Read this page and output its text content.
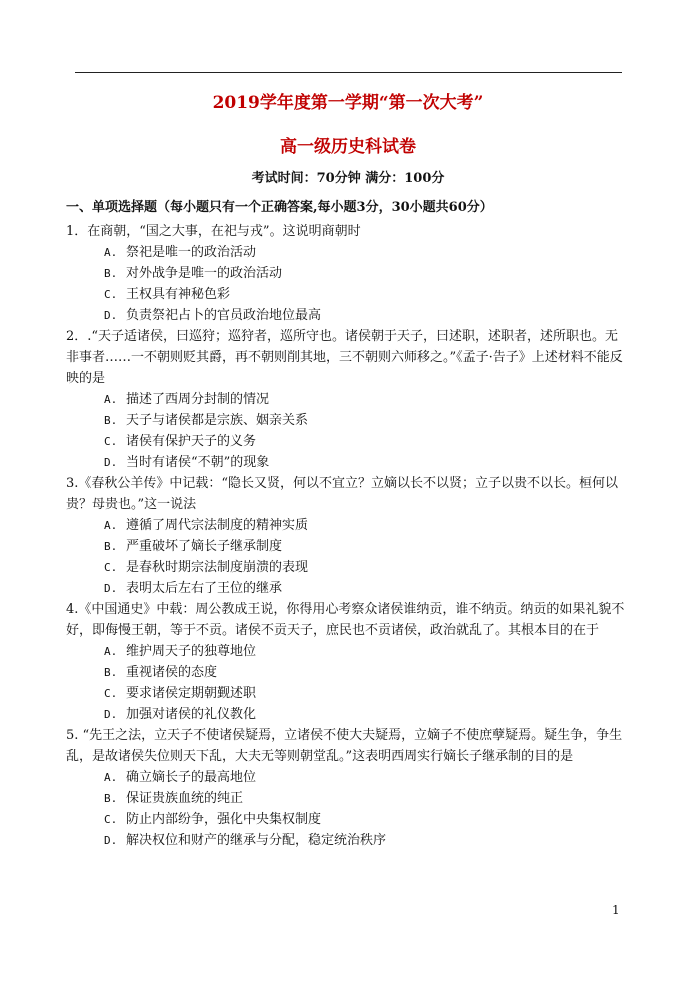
2019学年度第一学期“第一次大考”
高一级历史科试卷
考试时间：70分钟 满分：100分
一、单项选择题（每小题只有一个正确答案,每小题3分，30小题共60分）

1．在商朝，“国之大事，在祀与戎”。这说明商朝时

A. 祭祀是唯一的政治活动
B. 对外战争是唯一的政治活动
C. 王权具有神秘色彩
D. 负责祭祀占卜的官员政治地位最高

2．.“天子适诸侯，曰巡狩；巡狩者，巡所守也。诸侯朝于天子，曰述职，述职者，述所职也。无非事者……一不朝则贬其爵，再不朝则削其地，三不朝则六师移之。”《孟子·告子》上述材料不能反映的是

A. 描述了西周分封制的情况
B. 天子与诸侯都是宗族、姻亲关系
C. 诸侯有保护天子的义务
D. 当时有诸侯“不朝”的现象

3.《春秋公羊传》中记载：“隐长又贤，何以不宜立？立嫡以长不以贤；立子以贵不以长。桓何以贵？母贵也。”这一说法

A. 遵循了周代宗法制度的精神实质
B. 严重破坏了嫡长子继承制度
C. 是春秋时期宗法制度崩溃的表现
D. 表明太后左右了王位的继承

4.《中国通史》中载：周公教成王说，你得用心考察众诸侯谁纳贡，谁不纳贡。纳贡的如果礼貌不好，即侮慢王朝，等于不贡。诸侯不贡天子，庶民也不贡诸侯，政治就乱了。其根本目的在于

A. 维护周天子的独尊地位
B. 重视诸侯的态度
C. 要求诸侯定期朝觐述职
D. 加强对诸侯的礼仪教化

5. “先王之法，立天子不使诸侯疑焉，立诸侯不使大夫疑焉，立嫡子不使庶孽疑焉。疑生争，争生乱，是故诸侯失位则天下乱，大夫无等则朝堂乱。”这表明西周实行嫡长子继承制的目的是

A. 确立嫡长子的最高地位
B. 保证贵族血统的纯正
C. 防止内部纷争，强化中央集权制度
D. 解决权位和财产的继承与分配，稳定统治秩序
1
